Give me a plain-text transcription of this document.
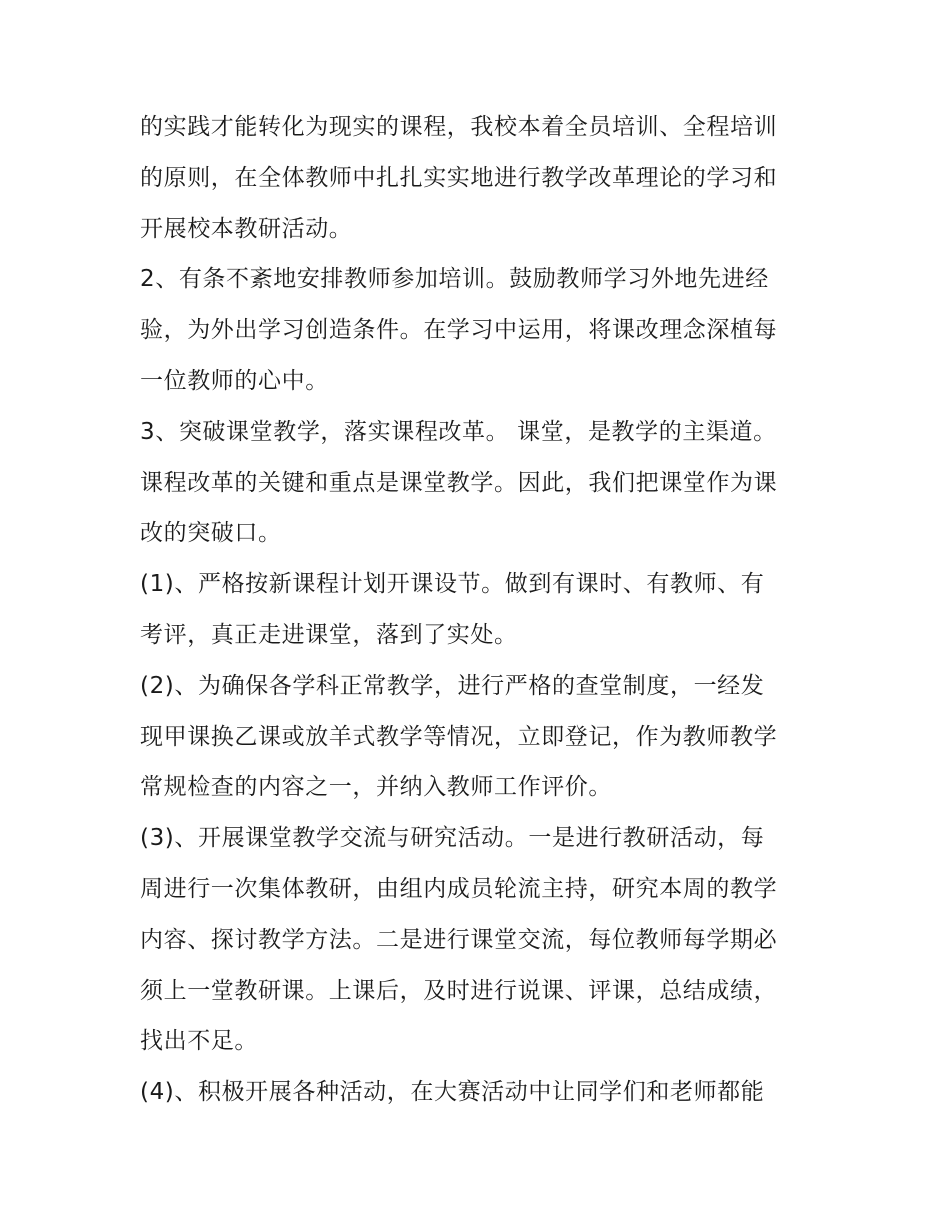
的实践才能转化为现实的课程，我校本着全员培训、全程培训
的原则，在全体教师中扎扎实实地进行教学改革理论的学习和
开展校本教研活动。
2、有条不紊地安排教师参加培训。鼓励教师学习外地先进经
验，为外出学习创造条件。在学习中运用，将课改理念深植每
一位教师的心中。
3、突破课堂教学，落实课程改革。 课堂，是教学的主渠道。
课程改革的关键和重点是课堂教学。因此，我们把课堂作为课
改的突破口。
(1)、严格按新课程计划开课设节。做到有课时、有教师、有
考评，真正走进课堂，落到了实处。
(2)、为确保各学科正常教学，进行严格的查堂制度，一经发
现甲课换乙课或放羊式教学等情况，立即登记，作为教师教学
常规检查的内容之一，并纳入教师工作评价。
(3)、开展课堂教学交流与研究活动。一是进行教研活动，每
周进行一次集体教研，由组内成员轮流主持，研究本周的教学
内容、探讨教学方法。二是进行课堂交流，每位教师每学期必
须上一堂教研课。上课后，及时进行说课、评课，总结成绩，
找出不足。
(4)、积极开展各种活动，在大赛活动中让同学们和老师都能
